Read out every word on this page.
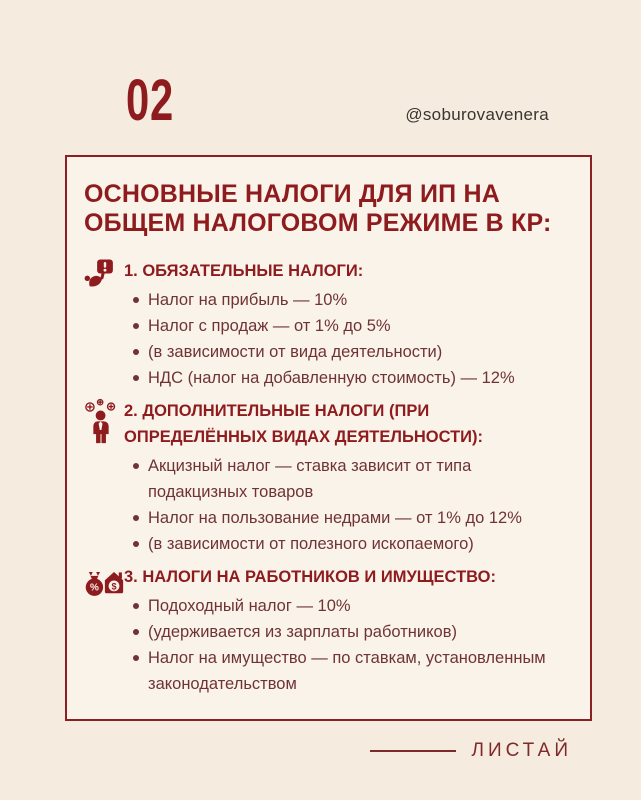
02	@soburovavenera
ОСНОВНЫЕ НАЛОГИ ДЛЯ ИП НА
ОБЩЕМ НАЛОГОВОМ РЕЖИМЕ В КР:
1. ОБЯЗАТЕЛЬНЫЕ НАЛОГИ:
Налог на прибыль — 10%
Налог с продаж — от 1% до 5%
(в зависимости от вида деятельности)
НДС (налог на добавленную стоимость) — 12%
2. ДОПОЛНИТЕЛЬНЫЕ НАЛОГИ (ПРИ ОПРЕДЕЛЁННЫХ ВИДАХ ДЕЯТЕЛЬНОСТИ):
Акцизный налог — ставка зависит от типа подакцизных товаров
Налог на пользование недрами — от 1% до 12%
(в зависимости от полезного ископаемого)
$
%
3. НАЛОГИ НА РАБОТНИКОВ И ИМУЩЕСТВО:
Подоходный налог — 10%
(удерживается из зарплаты работников)
Налог на имущество — по ставкам, установленным законодательством
ЛИСТАЙ
